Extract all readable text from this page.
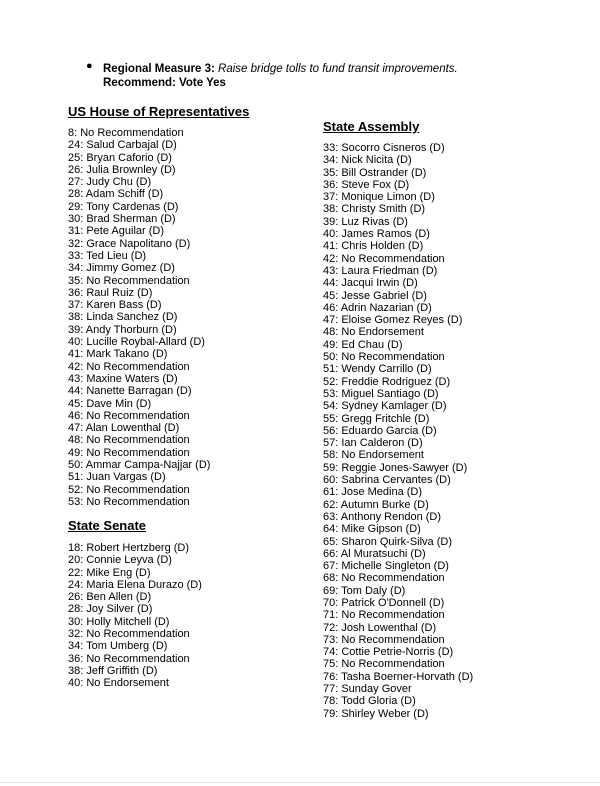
● Regional Measure 3: Raise bridge tolls to fund transit improvements.
Recommend: Vote Yes
US House of Representatives
8: No Recommendation
24: Salud Carbajal (D)
25: Bryan Caforio (D)
26: Julia Brownley (D)
27: Judy Chu (D)
28: Adam Schiff (D)
29: Tony Cardenas (D)
30: Brad Sherman (D)
31: Pete Aguilar (D)
32: Grace Napolitano (D)
33: Ted Lieu (D)
34: Jimmy Gomez (D)
35: No Recommendation
36: Raul Ruiz (D)
37: Karen Bass (D)
38: Linda Sanchez (D)
39: Andy Thorburn (D)
40: Lucille Roybal-Allard (D)
41: Mark Takano (D)
42: No Recommendation
43: Maxine Waters (D)
44: Nanette Barragan (D)
45: Dave Min (D)
46: No Recommendation
47: Alan Lowenthal (D)
48: No Recommendation
49: No Recommendation
50: Ammar Campa-Najjar (D)
51: Juan Vargas (D)
52: No Recommendation
53: No Recommendation
State Senate
18: Robert Hertzberg (D)
20: Connie Leyva (D)
22: Mike Eng (D)
24: Maria Elena Durazo (D)
26: Ben Allen (D)
28: Joy Silver (D)
30: Holly Mitchell (D)
32: No Recommendation
34: Tom Umberg (D)
36: No Recommendation
38: Jeff Griffith (D)
40: No Endorsement
State Assembly
33: Socorro Cisneros (D)
34: Nick Nicita (D)
35: Bill Ostrander (D)
36: Steve Fox (D)
37: Monique Limon (D)
38: Christy Smith (D)
39: Luz Rivas (D)
40: James Ramos (D)
41: Chris Holden (D)
42: No Recommendation
43: Laura Friedman (D)
44: Jacqui Irwin (D)
45: Jesse Gabriel (D)
46: Adrin Nazarian (D)
47: Eloise Gomez Reyes (D)
48: No Endorsement
49: Ed Chau (D)
50: No Recommendation
51: Wendy Carrillo (D)
52: Freddie Rodriguez (D)
53: Miguel Santiago (D)
54: Sydney Kamlager (D)
55: Gregg Fritchle (D)
56: Eduardo Garcia (D)
57: Ian Calderon (D)
58: No Endorsement
59: Reggie Jones-Sawyer (D)
60: Sabrina Cervantes (D)
61: Jose Medina (D)
62: Autumn Burke (D)
63: Anthony Rendon (D)
64: Mike Gipson (D)
65: Sharon Quirk-Silva (D)
66: Al Muratsuchi (D)
67: Michelle Singleton (D)
68: No Recommendation
69: Tom Daly (D)
70: Patrick O'Donnell (D)
71: No Recommendation
72: Josh Lowenthal (D)
73: No Recommendation
74: Cottie Petrie-Norris (D)
75: No Recommendation
76: Tasha Boerner-Horvath (D)
77: Sunday Gover
78: Todd Gloria (D)
79: Shirley Weber (D)
